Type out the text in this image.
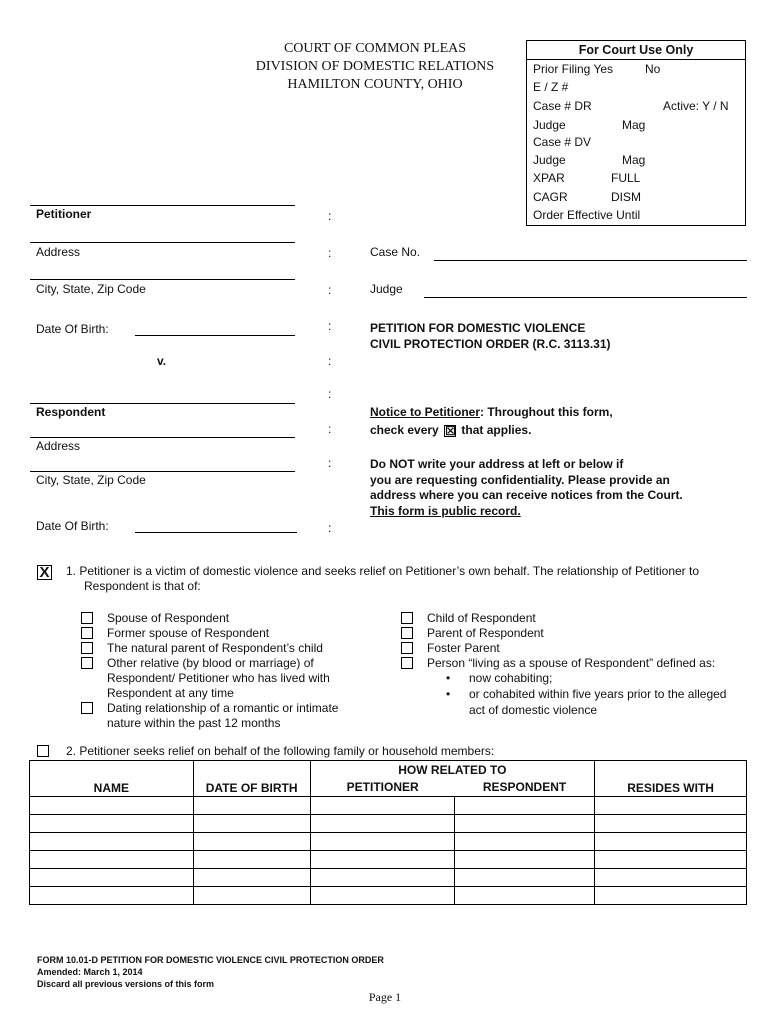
COURT OF COMMON PLEAS
DIVISION OF DOMESTIC RELATIONS
HAMILTON COUNTY, OHIO
For Court Use Only
Prior Filing Yes	No
E / Z #
Case # DR	Active: Y / N
Judge	Mag
Case # DV
Judge	Mag
XPAR	FULL
CAGR	DISM
Order Effective Until
Petitioner
Address
City, State, Zip Code
Date Of Birth:
v.
Respondent
Address
City, State, Zip Code
Date Of Birth:
:
:
:
:
:
:
:
:
:
Case No.
Judge
PETITION FOR DOMESTIC VIOLENCE
CIVIL PROTECTION ORDER (R.C. 3113.31)
Notice to Petitioner: Throughout this form,
check every ☒ that applies.
Do NOT write your address at left or below if
you are requesting confidentiality. Please provide an
address where you can receive notices from the Court.
This form is public record.
X 1. Petitioner is a victim of domestic violence and seeks relief on Petitioner’s own behalf. The relationship of Petitioner to
Respondent is that of:
Spouse of Respondent
Former spouse of Respondent
The natural parent of Respondent’s child
Other relative (by blood or marriage) of
Respondent/ Petitioner who has lived with
Respondent at any time
Dating relationship of a romantic or intimate
nature within the past 12 months
Child of Respondent
Parent of Respondent
Foster Parent
Person “living as a spouse of Respondent” defined as:
• now cohabiting;
• or cohabited within five years prior to the alleged
act of domestic violence
2. Petitioner seeks relief on behalf of the following family or household members:
NAME	DATE OF BIRTH	HOW RELATED TO		RESIDES WITH
		PETITIONER	RESPONDENT	

FORM 10.01-D PETITION FOR DOMESTIC VIOLENCE CIVIL PROTECTION ORDER
Amended: March 1, 2014
Discard all previous versions of this form
Page 1
